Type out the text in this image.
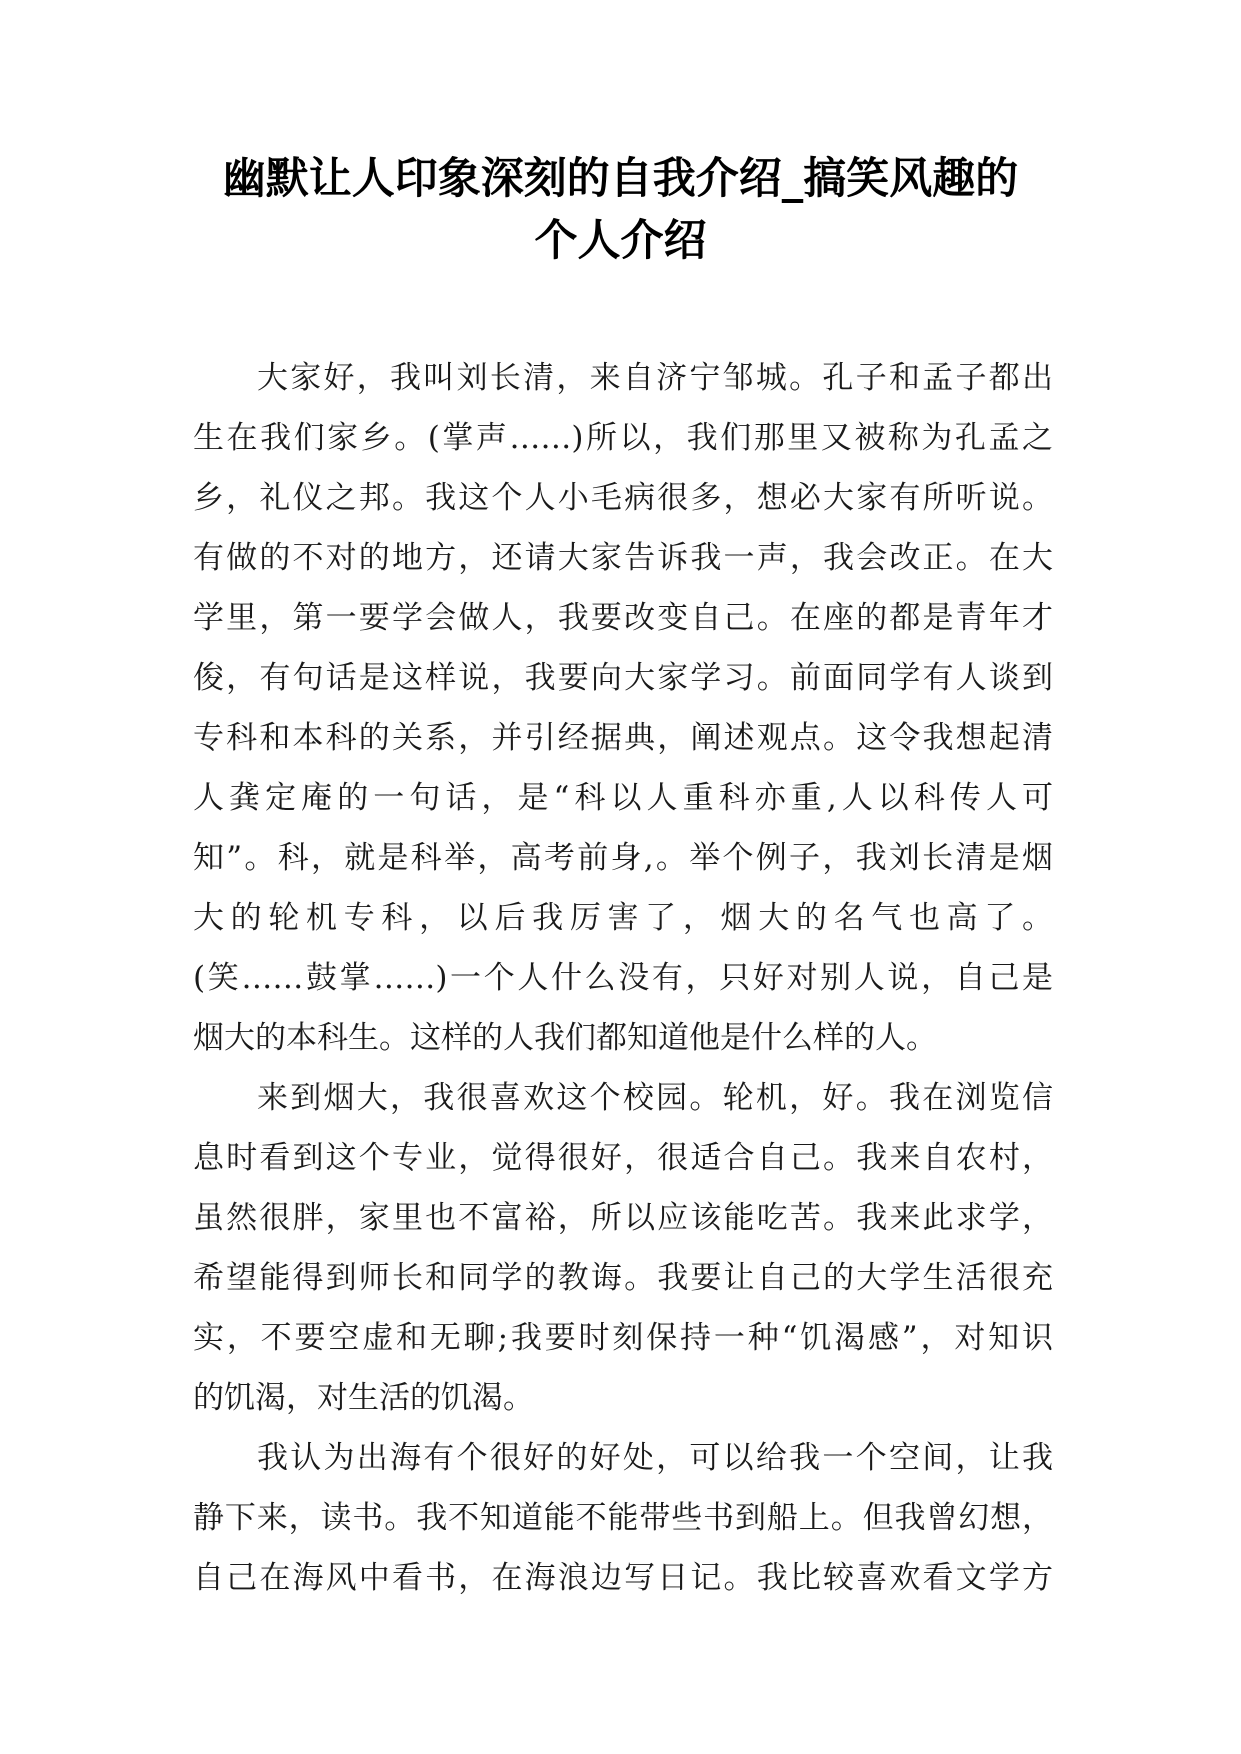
幽默让人印象深刻的自我介绍_搞笑风趣的
个人介绍
大家好，我叫刘长清，来自济宁邹城。孔子和孟子都出
生在我们家乡。(掌声……)所以，我们那里又被称为孔孟之
乡，礼仪之邦。我这个人小毛病很多，想必大家有所听说。
有做的不对的地方，还请大家告诉我一声，我会改正。在大
学里，第一要学会做人，我要改变自己。在座的都是青年才
俊，有句话是这样说，我要向大家学习。前面同学有人谈到
专科和本科的关系，并引经据典，阐述观点。这令我想起清
人龚定庵的一句话，是“科以人重科亦重,人以科传人可
知”。科，就是科举，高考前身,。举个例子，我刘长清是烟
大的轮机专科，以后我厉害了，烟大的名气也高了。
(笑……鼓掌……)一个人什么没有，只好对别人说，自己是
烟大的本科生。这样的人我们都知道他是什么样的人。
来到烟大，我很喜欢这个校园。轮机，好。我在浏览信
息时看到这个专业，觉得很好，很适合自己。我来自农村，
虽然很胖，家里也不富裕，所以应该能吃苦。我来此求学，
希望能得到师长和同学的教诲。我要让自己的大学生活很充
实，不要空虚和无聊;我要时刻保持一种“饥渴感”，对知识
的饥渴，对生活的饥渴。
我认为出海有个很好的好处，可以给我一个空间，让我
静下来，读书。我不知道能不能带些书到船上。但我曾幻想，
自己在海风中看书，在海浪边写日记。我比较喜欢看文学方
